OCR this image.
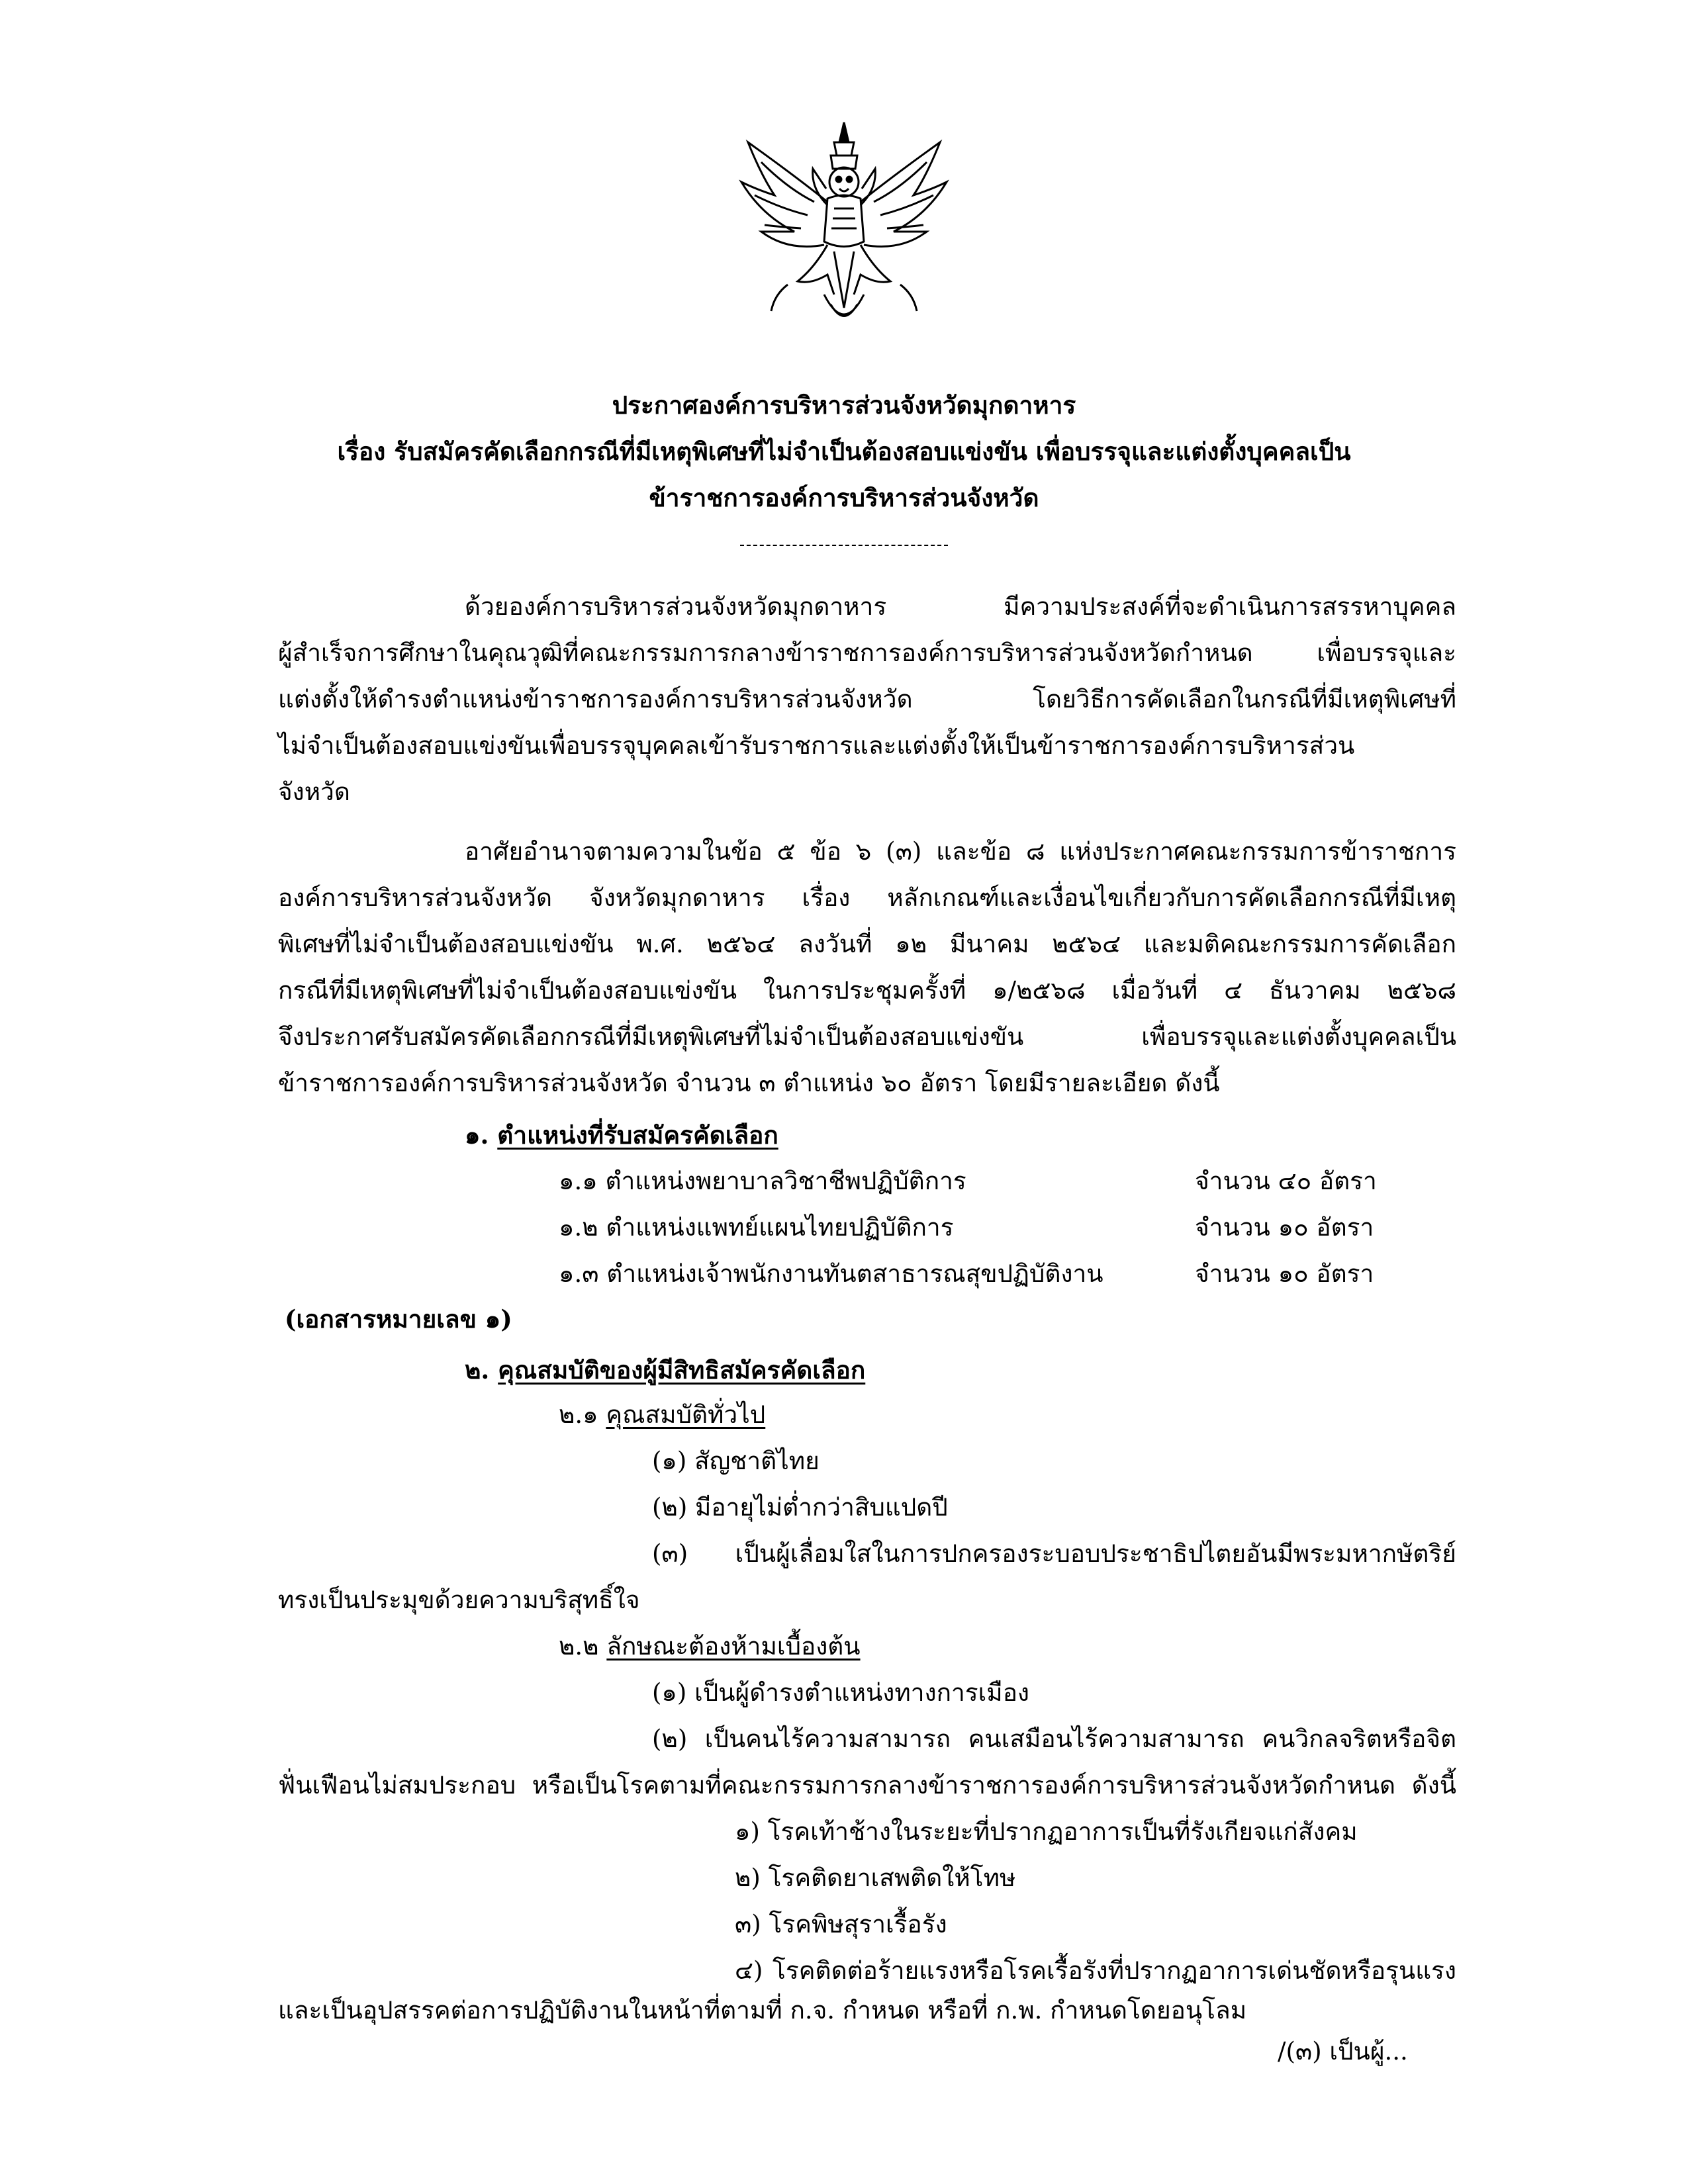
ประกาศองค์การบริหารส่วนจังหวัดมุกดาหาร
เรื่อง รับสมัครคัดเลือกกรณีที่มีเหตุพิเศษที่ไม่จำเป็นต้องสอบแข่งขัน เพื่อบรรจุและแต่งตั้งบุคคลเป็น
ข้าราชการองค์การบริหารส่วนจังหวัด
ด้วยองค์การบริหารส่วนจังหวัดมุกดาหาร มีความประสงค์ที่จะดำเนินการสรรหาบุคคล
ผู้สำเร็จการศึกษาในคุณวุฒิที่คณะกรรมการกลางข้าราชการองค์การบริหารส่วนจังหวัดกำหนด เพื่อบรรจุและ
แต่งตั้งให้ดำรงตำแหน่งข้าราชการองค์การบริหารส่วนจังหวัด โดยวิธีการคัดเลือกในกรณีที่มีเหตุพิเศษที่
ไม่จำเป็นต้องสอบแข่งขันเพื่อบรรจุบุคคลเข้ารับราชการและแต่งตั้งให้เป็นข้าราชการองค์การบริหารส่วน
จังหวัด
อาศัยอำนาจตามความในข้อ ๕ ข้อ ๖ (๓) และข้อ ๘ แห่งประกาศคณะกรรมการข้าราชการ
องค์การบริหารส่วนจังหวัด จังหวัดมุกดาหาร เรื่อง หลักเกณฑ์และเงื่อนไขเกี่ยวกับการคัดเลือกกรณีที่มีเหตุ
พิเศษที่ไม่จำเป็นต้องสอบแข่งขัน พ.ศ. ๒๕๖๔ ลงวันที่ ๑๒ มีนาคม ๒๕๖๔ และมติคณะกรรมการคัดเลือก
กรณีที่มีเหตุพิเศษที่ไม่จำเป็นต้องสอบแข่งขัน ในการประชุมครั้งที่ ๑/๒๕๖๘ เมื่อวันที่ ๔ ธันวาคม ๒๕๖๘
จึงประกาศรับสมัครคัดเลือกกรณีที่มีเหตุพิเศษที่ไม่จำเป็นต้องสอบแข่งขัน เพื่อบรรจุและแต่งตั้งบุคคลเป็น
ข้าราชการองค์การบริหารส่วนจังหวัด จำนวน ๓ ตำแหน่ง ๖๐ อัตรา โดยมีรายละเอียด ดังนี้
๑. ตำแหน่งที่รับสมัครคัดเลือก
๑.๑ ตำแหน่งพยาบาลวิชาชีพปฏิบัติการ	จำนวน ๔๐ อัตรา
๑.๒ ตำแหน่งแพทย์แผนไทยปฏิบัติการ	จำนวน ๑๐ อัตรา
๑.๓ ตำแหน่งเจ้าพนักงานทันตสาธารณสุขปฏิบัติงาน	จำนวน ๑๐ อัตรา
(เอกสารหมายเลข ๑)
๒. คุณสมบัติของผู้มีสิทธิสมัครคัดเลือก
๒.๑ คุณสมบัติทั่วไป
(๑) สัญชาติไทย
(๒) มีอายุไม่ต่ำกว่าสิบแปดปี
(๓) เป็นผู้เลื่อมใสในการปกครองระบอบประชาธิปไตยอันมีพระมหากษัตริย์
ทรงเป็นประมุขด้วยความบริสุทธิ์ใจ
๒.๒ ลักษณะต้องห้ามเบื้องต้น
(๑) เป็นผู้ดำรงตำแหน่งทางการเมือง
(๒) เป็นคนไร้ความสามารถ คนเสมือนไร้ความสามารถ คนวิกลจริตหรือจิต
ฟั่นเฟือนไม่สมประกอบ หรือเป็นโรคตามที่คณะกรรมการกลางข้าราชการองค์การบริหารส่วนจังหวัดกำหนด ดังนี้
๑) โรคเท้าช้างในระยะที่ปรากฏอาการเป็นที่รังเกียจแก่สังคม
๒) โรคติดยาเสพติดให้โทษ
๓) โรคพิษสุราเรื้อรัง
๔) โรคติดต่อร้ายแรงหรือโรคเรื้อรังที่ปรากฏอาการเด่นชัดหรือรุนแรง
และเป็นอุปสรรคต่อการปฏิบัติงานในหน้าที่ตามที่ ก.จ. กำหนด หรือที่ ก.พ. กำหนดโดยอนุโลม
/(๓) เป็นผู้...
